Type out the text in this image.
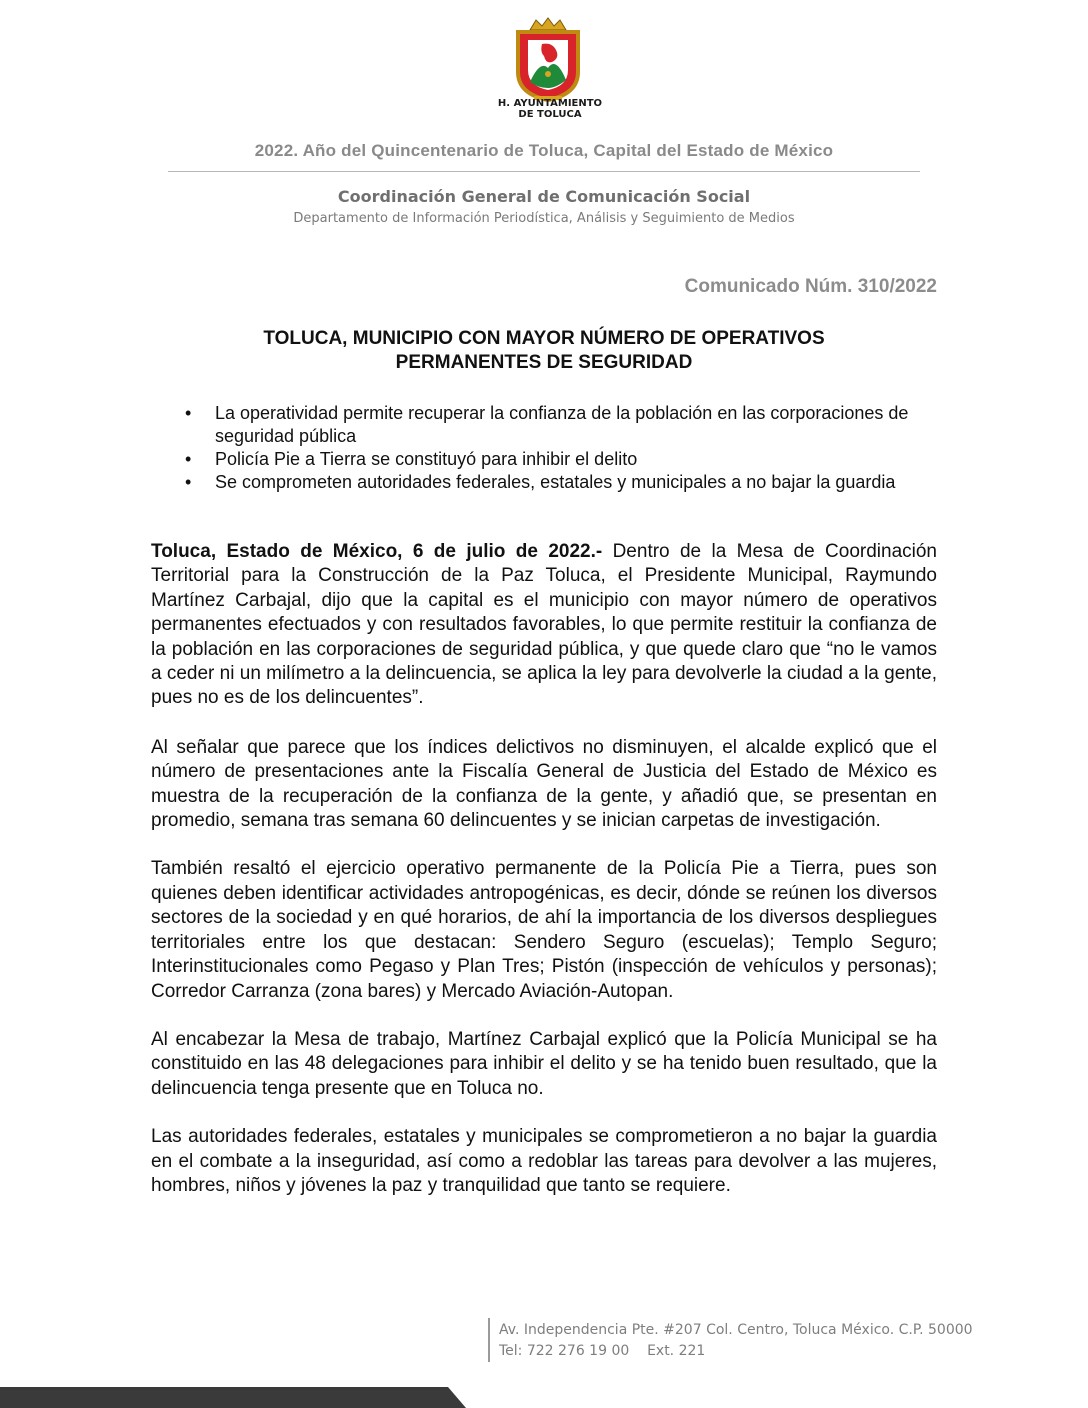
H. AYUNTAMIENTO
DE TOLUCA
2022. Año del Quincentenario de Toluca, Capital del Estado de México
Coordinación General de Comunicación Social
Departamento de Información Periodística, Análisis y Seguimiento de Medios
Comunicado Núm. 310/2022
TOLUCA, MUNICIPIO CON MAYOR NÚMERO DE OPERATIVOS
PERMANENTES DE SEGURIDAD
• La operatividad permite recuperar la confianza de la población en las corporaciones de seguridad pública
• Policía Pie a Tierra se constituyó para inhibir el delito
• Se comprometen autoridades federales, estatales y municipales a no bajar la guardia

Toluca, Estado de México, 6 de julio de 2022.- Dentro de la Mesa de Coordinación Territorial para la Construcción de la Paz Toluca, el Presidente Municipal, Raymundo Martínez Carbajal, dijo que la capital es el municipio con mayor número de operativos permanentes efectuados y con resultados favorables, lo que permite restituir la confianza de la población en las corporaciones de seguridad pública, y que quede claro que “no le vamos a ceder ni un milímetro a la delincuencia, se aplica la ley para devolverle la ciudad a la gente, pues no es de los delincuentes”.

Al señalar que parece que los índices delictivos no disminuyen, el alcalde explicó que el número de presentaciones ante la Fiscalía General de Justicia del Estado de México es muestra de la recuperación de la confianza de la gente, y añadió que, se presentan en promedio, semana tras semana 60 delincuentes y se inician carpetas de investigación.

También resaltó el ejercicio operativo permanente de la Policía Pie a Tierra, pues son quienes deben identificar actividades antropogénicas, es decir, dónde se reúnen los diversos sectores de la sociedad y en qué horarios, de ahí la importancia de los diversos despliegues territoriales entre los que destacan: Sendero Seguro (escuelas); Templo Seguro; Interinstitucionales como Pegaso y Plan Tres; Pistón (inspección de vehículos y personas); Corredor Carranza (zona bares) y Mercado Aviación-Autopan.

Al encabezar la Mesa de trabajo, Martínez Carbajal explicó que la Policía Municipal se ha constituido en las 48 delegaciones para inhibir el delito y se ha tenido buen resultado, que la delincuencia tenga presente que en Toluca no.

Las autoridades federales, estatales y municipales se comprometieron a no bajar la guardia en el combate a la inseguridad, así como a redoblar las tareas para devolver a las mujeres, hombres, niños y jóvenes la paz y tranquilidad que tanto se requiere.

Av. Independencia Pte. #207 Col. Centro, Toluca México. C.P. 50000
Tel: 722 276 19 00    Ext. 221
